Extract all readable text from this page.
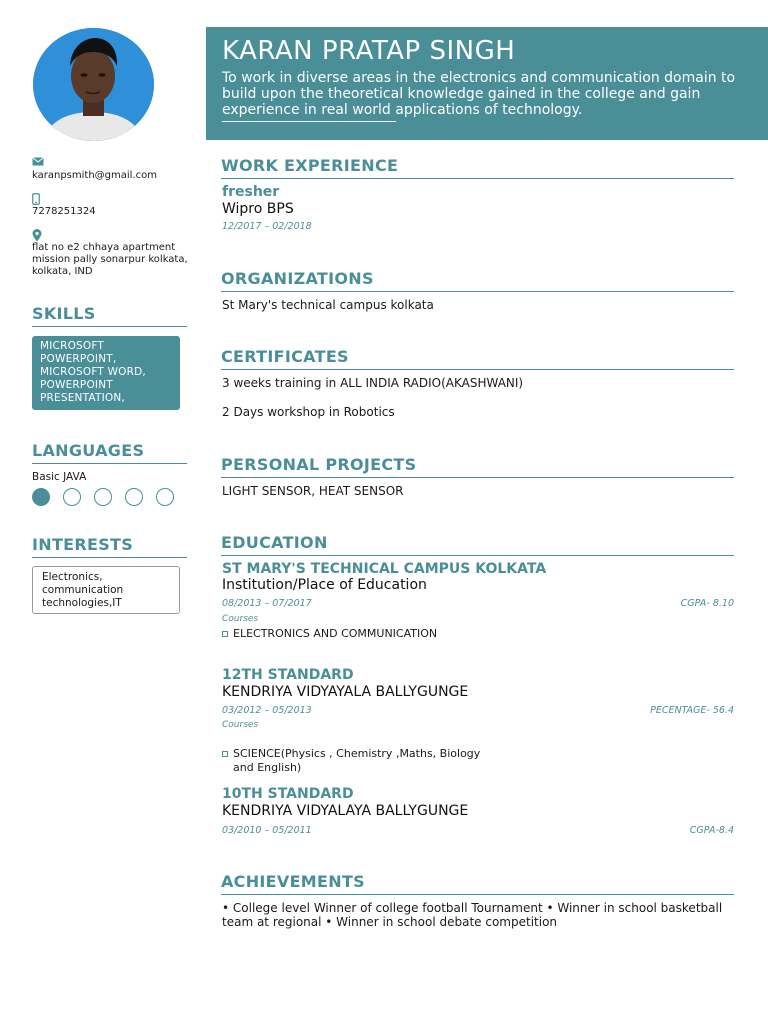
KARAN PRATAP SINGH
To work in diverse areas in the electronics and communication domain to build upon the theoretical knowledge gained in the college and gain experience in real world applications of technology.
karanpsmith@gmail.com
7278251324
flat no e2 chhaya apartment
mission pally sonarpur kolkata,
kolkata, IND
SKILLS
MICROSOFT
POWERPOINT,
MICROSOFT WORD,
POWERPOINT
PRESENTATION,
LANGUAGES
Basic JAVA
INTERESTS
Electronics,
communication
technologies,IT
WORK EXPERIENCE
fresher
Wipro BPS
12/2017 – 02/2018
ORGANIZATIONS
St Mary's technical campus kolkata
CERTIFICATES
3 weeks training in ALL INDIA RADIO(AKASHWANI)
2 Days workshop in Robotics
PERSONAL PROJECTS
LIGHT SENSOR, HEAT SENSOR
EDUCATION
ST MARY'S TECHNICAL CAMPUS KOLKATA
Institution/Place of Education
08/2013 – 07/2017	CGPA- 8.10
Courses
ELECTRONICS AND COMMUNICATION
12TH STANDARD
KENDRIYA VIDYAYALA BALLYGUNGE
03/2012 – 05/2013	PECENTAGE- 56.4
Courses
SCIENCE(Physics , Chemistry ,Maths, Biology and English)
10TH STANDARD
KENDRIYA VIDYALAYA BALLYGUNGE
03/2010 – 05/2011	CGPA-8.4
ACHIEVEMENTS
• College level Winner of college football Tournament • Winner in school basketball team at regional • Winner in school debate competition
